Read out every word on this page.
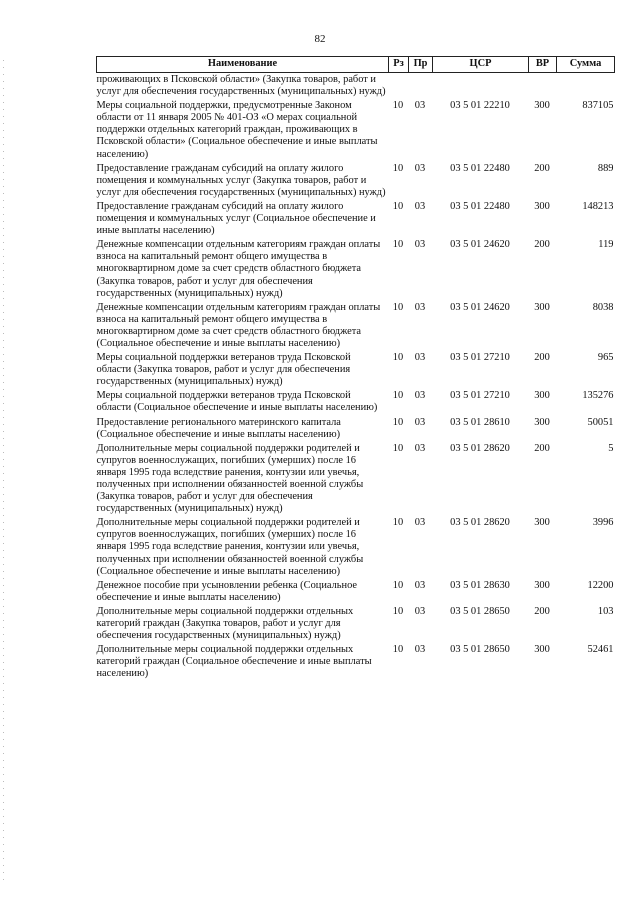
82
Наименование	Рз	Пр	ЦСР	ВР	Сумма
проживающих в Псковской области» (Закупка товаров, работ и услуг для обеспечения государственных (муниципальных) нужд)					
Меры социальной поддержки, предусмотренные Законом области от 11 января 2005 № 401-ОЗ «О мерах социальной поддержки отдельных категорий граждан, проживающих в Псковской области» (Социальное обеспечение и иные выплаты населению)	10	03	03 5 01 22210	300	837105
Предоставление гражданам субсидий на оплату жилого помещения и коммунальных услуг (Закупка товаров, работ и услуг для обеспечения государственных (муниципальных) нужд)	10	03	03 5 01 22480	200	889
Предоставление гражданам субсидий на оплату жилого помещения и коммунальных услуг (Социальное обеспечение и иные выплаты населению)	10	03	03 5 01 22480	300	148213
Денежные компенсации отдельным категориям граждан оплаты взноса на капитальный ремонт общего имущества в многоквартирном доме за счет средств областного бюджета (Закупка товаров, работ и услуг для обеспечения государственных (муниципальных) нужд)	10	03	03 5 01 24620	200	119
Денежные компенсации отдельным категориям граждан оплаты взноса на капитальный ремонт общего имущества в многоквартирном доме за счет средств областного бюджета (Социальное обеспечение и иные выплаты населению)	10	03	03 5 01 24620	300	8038
Меры социальной поддержки ветеранов труда Псковской области (Закупка товаров, работ и услуг для обеспечения государственных (муниципальных) нужд)	10	03	03 5 01 27210	200	965
Меры социальной поддержки ветеранов труда Псковской области (Социальное обеспечение и иные выплаты населению)	10	03	03 5 01 27210	300	135276
Предоставление регионального материнского капитала (Социальное обеспечение и иные выплаты населению)	10	03	03 5 01 28610	300	50051
Дополнительные меры социальной поддержки родителей и супругов военнослужащих, погибших (умерших) после 16 января 1995 года вследствие ранения, контузии или увечья, полученных при исполнении обязанностей военной службы (Закупка товаров, работ и услуг для обеспечения государственных (муниципальных) нужд)	10	03	03 5 01 28620	200	5
Дополнительные меры социальной поддержки родителей и супругов военнослужащих, погибших (умерших) после 16 января 1995 года вследствие ранения, контузии или увечья, полученных при исполнении обязанностей военной службы (Социальное обеспечение и иные выплаты населению)	10	03	03 5 01 28620	300	3996
Денежное пособие при усыновлении ребенка (Социальное обеспечение и иные выплаты населению)	10	03	03 5 01 28630	300	12200
Дополнительные меры социальной поддержки отдельных категорий граждан (Закупка товаров, работ и услуг для обеспечения государственных (муниципальных) нужд)	10	03	03 5 01 28650	200	103
Дополнительные меры социальной поддержки отдельных категорий граждан (Социальное обеспечение и иные выплаты населению)	10	03	03 5 01 28650	300	52461
